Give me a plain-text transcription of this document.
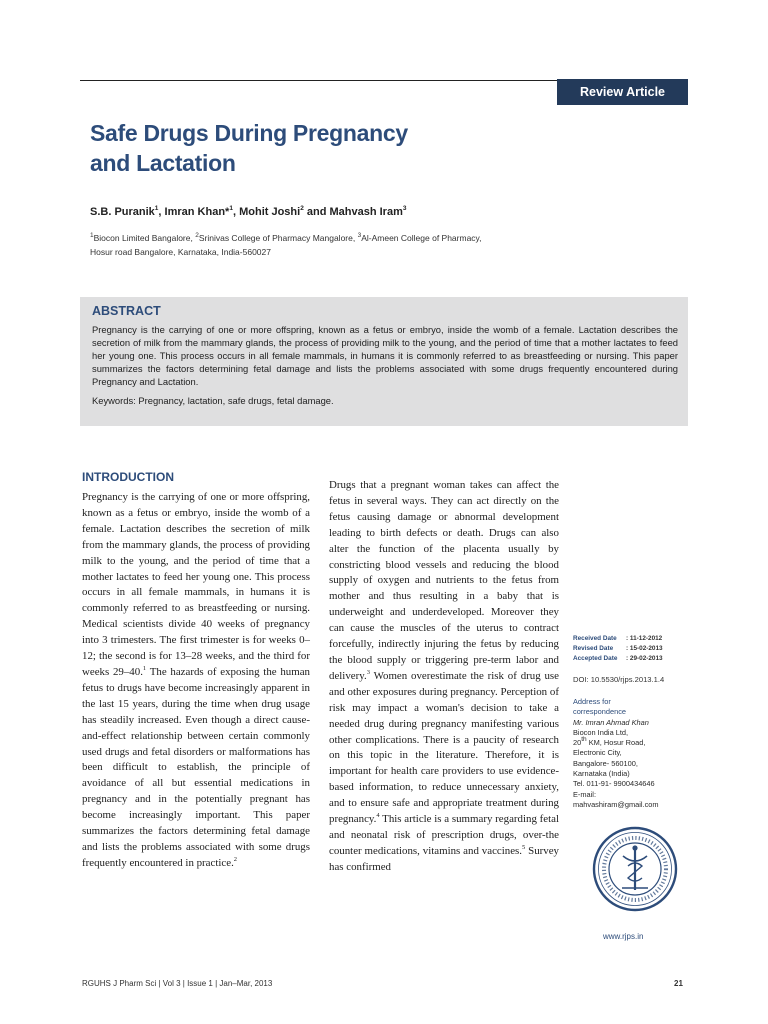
Review Article
Safe Drugs During Pregnancy
and Lactation
S.B. Puranik$^1$, Imran Khan*$^1$, Mohit Joshi$^2$ and Mahvash Iram$^3$
$^1$Biocon Limited Bangalore, $^2$Srinivas College of Pharmacy Mangalore, $^3$Al-Ameen College of Pharmacy,
Hosur road Bangalore, Karnataka, India-560027
ABSTRACT

Pregnancy is the carrying of one or more offspring, known as a fetus or embryo, inside the womb of a female. Lactation describes the secretion of milk from the mammary glands, the process of providing milk to the young, and the period of time that a mother lactates to feed her young one. This process occurs in all female mammals, in humans it is commonly referred to as breastfeeding or nursing. This paper summarizes the factors determining fetal damage and lists the problems associated with some drugs frequently encountered during Pregnancy and Lactation.

Keywords: Pregnancy, lactation, safe drugs, fetal damage.

INTRODUCTION

Pregnancy is the carrying of one or more offspring, known as a fetus or embryo, inside the womb of a female. Lactation describes the secretion of milk from the mammary glands, the process of providing milk to the young, and the period of time that a mother lactates to feed her young one. This process occurs in all female mammals, in humans it is commonly referred to as breastfeeding or nursing. Medical scientists divide 40 weeks of pregnancy into 3 trimesters. The first trimester is for weeks 0–12; the second is for 13–28 weeks, and the third for weeks 29–40.$^1$ The hazards of exposing the human fetus to drugs have become increasingly apparent in the last 15 years, during the time when drug usage has steadily increased. Even though a direct cause-and-effect relationship between certain commonly used drugs and fetal disorders or malformations has been difficult to establish, the principle of avoidance of all but essential medications in pregnancy and in the potentially pregnant has become increasingly important. This paper summarizes the factors determining fetal damage and lists the problems associated with some drugs frequently encountered in practice.$^2$

Drugs that a pregnant woman takes can affect the fetus in several ways. They can act directly on the fetus causing damage or abnormal development leading to birth defects or death. Drugs can also alter the function of the placenta usually by constricting blood vessels and reducing the blood supply of oxygen and nutrients to the fetus from mother and thus resulting in a baby that is underweight and underdeveloped. Moreover they can cause the muscles of the uterus to contract forcefully, indirectly injuring the fetus by reducing the blood supply or triggering pre-term labor and delivery.$^3$ Women overestimate the risk of drug use and other exposures during pregnancy. Perception of risk may impact a woman's decision to take a needed drug during pregnancy manifesting various other complications. There is a paucity of research on this topic in the literature. Therefore, it is important for health care providers to use evidence-based information, to reduce unnecessary anxiety, and to ensure safe and appropriate treatment during pregnancy.$^4$ This article is a summary regarding fetal and neonatal risk of prescription drugs, over-the counter medications, vitamins and vaccines.$^5$ Survey has confirmed

Received Date : 11-12-2012
Revised Date : 15-02-2013
Accepted Date : 29-02-2013
DOI: 10.5530/rjps.2013.1.4
Address for
correspondence
Mr. Imran Ahmad Khan
Biocon India Ltd,
20th KM, Hosur Road,
Electronic City,
Bangalore- 560100,
Karnataka (India)
Tel. 011-91- 9900434646
E-mail:
mahvashiram@gmail.com
www.rjps.in
RGUHS J Pharm Sci | Vol 3 | Issue 1 | Jan–Mar, 2013	21
